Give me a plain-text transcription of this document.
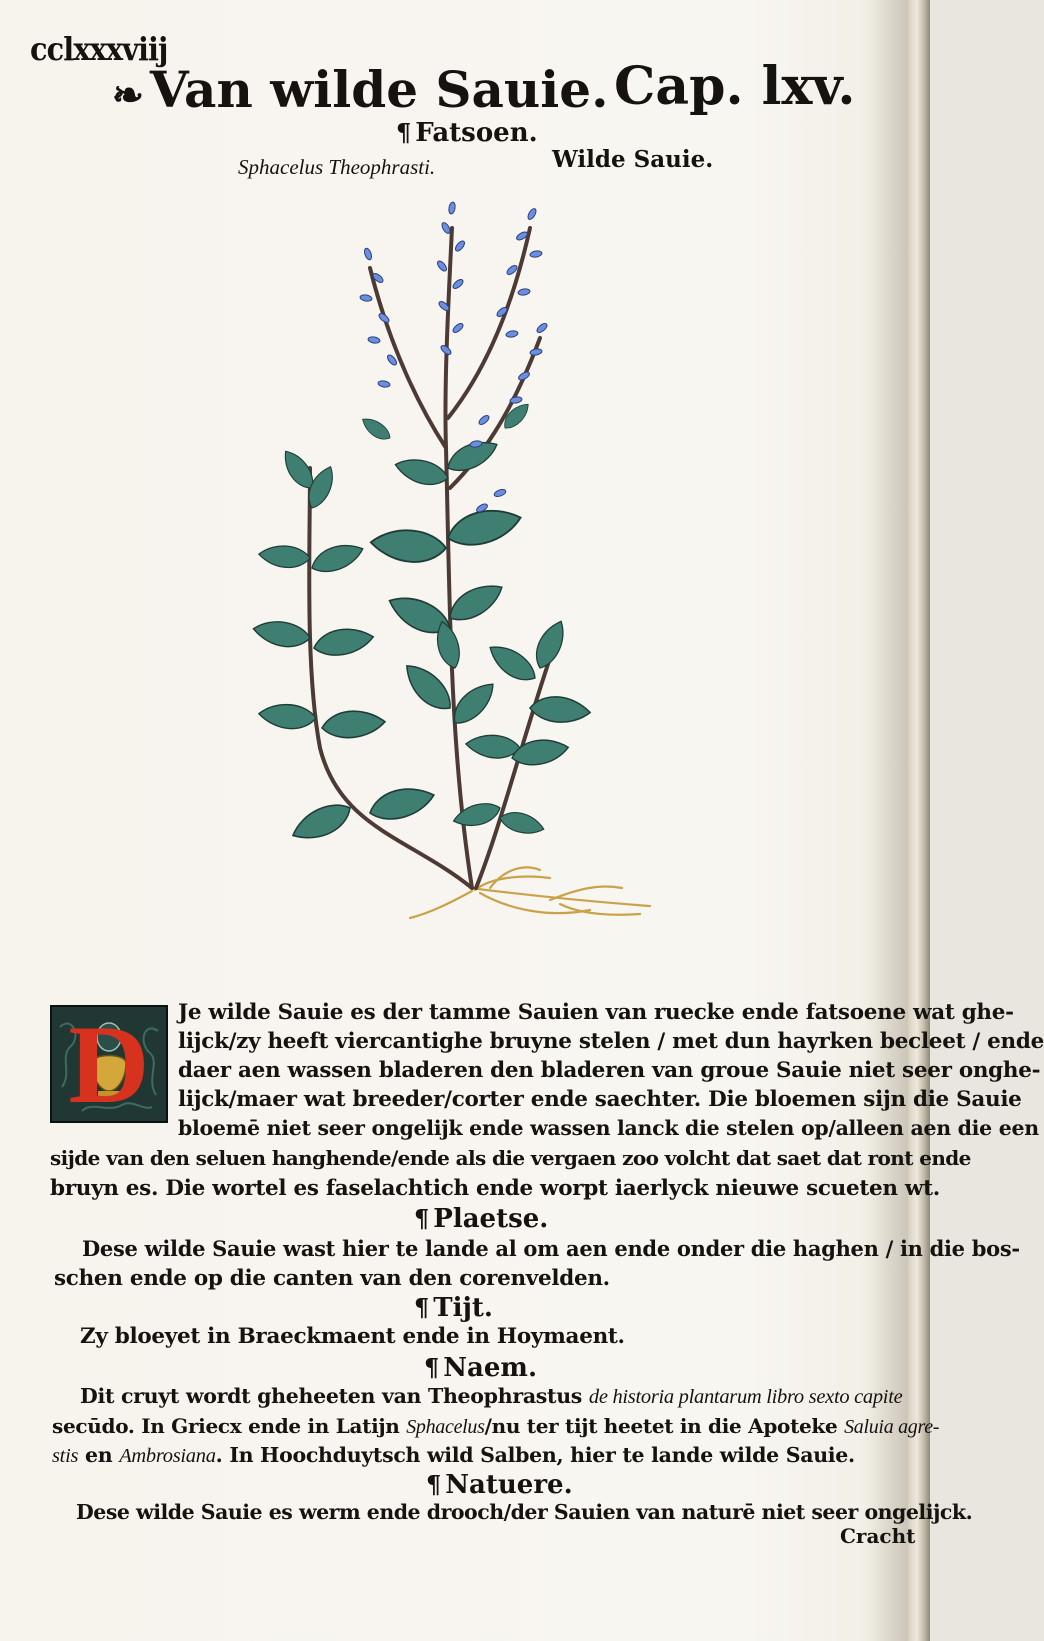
cclxxxviij
❧ Van wilde Sauie. Cap. lxv.
¶ Fatsoen.
Sphacelus Theophrasti.	Wilde Sauie.
D	Je wilde Sauie es der tamme Sauien van ruecke ende fatsoene wat ghe-
lijck/zy heeft viercantighe bruyne stelen / met dun hayrken becleet / ende
daer aen wassen bladeren den bladeren van groue Sauie niet seer onghe-
lijck/maer wat breeder/corter ende saechter. Die bloemen sijn die Sauie
bloemē niet seer ongelijk ende wassen lanck die stelen op/alleen aen die een
sijde van den seluen hanghende/ende als die vergaen zoo volcht dat saet dat ront ende
bruyn es. Die wortel es faselachtich ende worpt iaerlyck nieuwe scueten wt.
¶ Plaetse.
Dese wilde Sauie wast hier te lande al om aen ende onder die haghen / in die bos-
schen ende op die canten van den corenvelden.
¶ Tijt.
Zy bloeyet in Braeckmaent ende in Hoymaent.
¶ Naem.
Dit cruyt wordt gheheeten van Theophrastus de historia plantarum libro sexto capite
secūdo. In Griecx ende in Latijn Sphacelus/nu ter tijt heetet in die Apoteke Saluia agre-
stis en Ambrosiana. In Hoochduytsch wild Salben, hier te lande wilde Sauie.
¶ Natuere.
Dese wilde Sauie es werm ende drooch/der Sauien van naturē niet seer ongelijck.
Cracht
